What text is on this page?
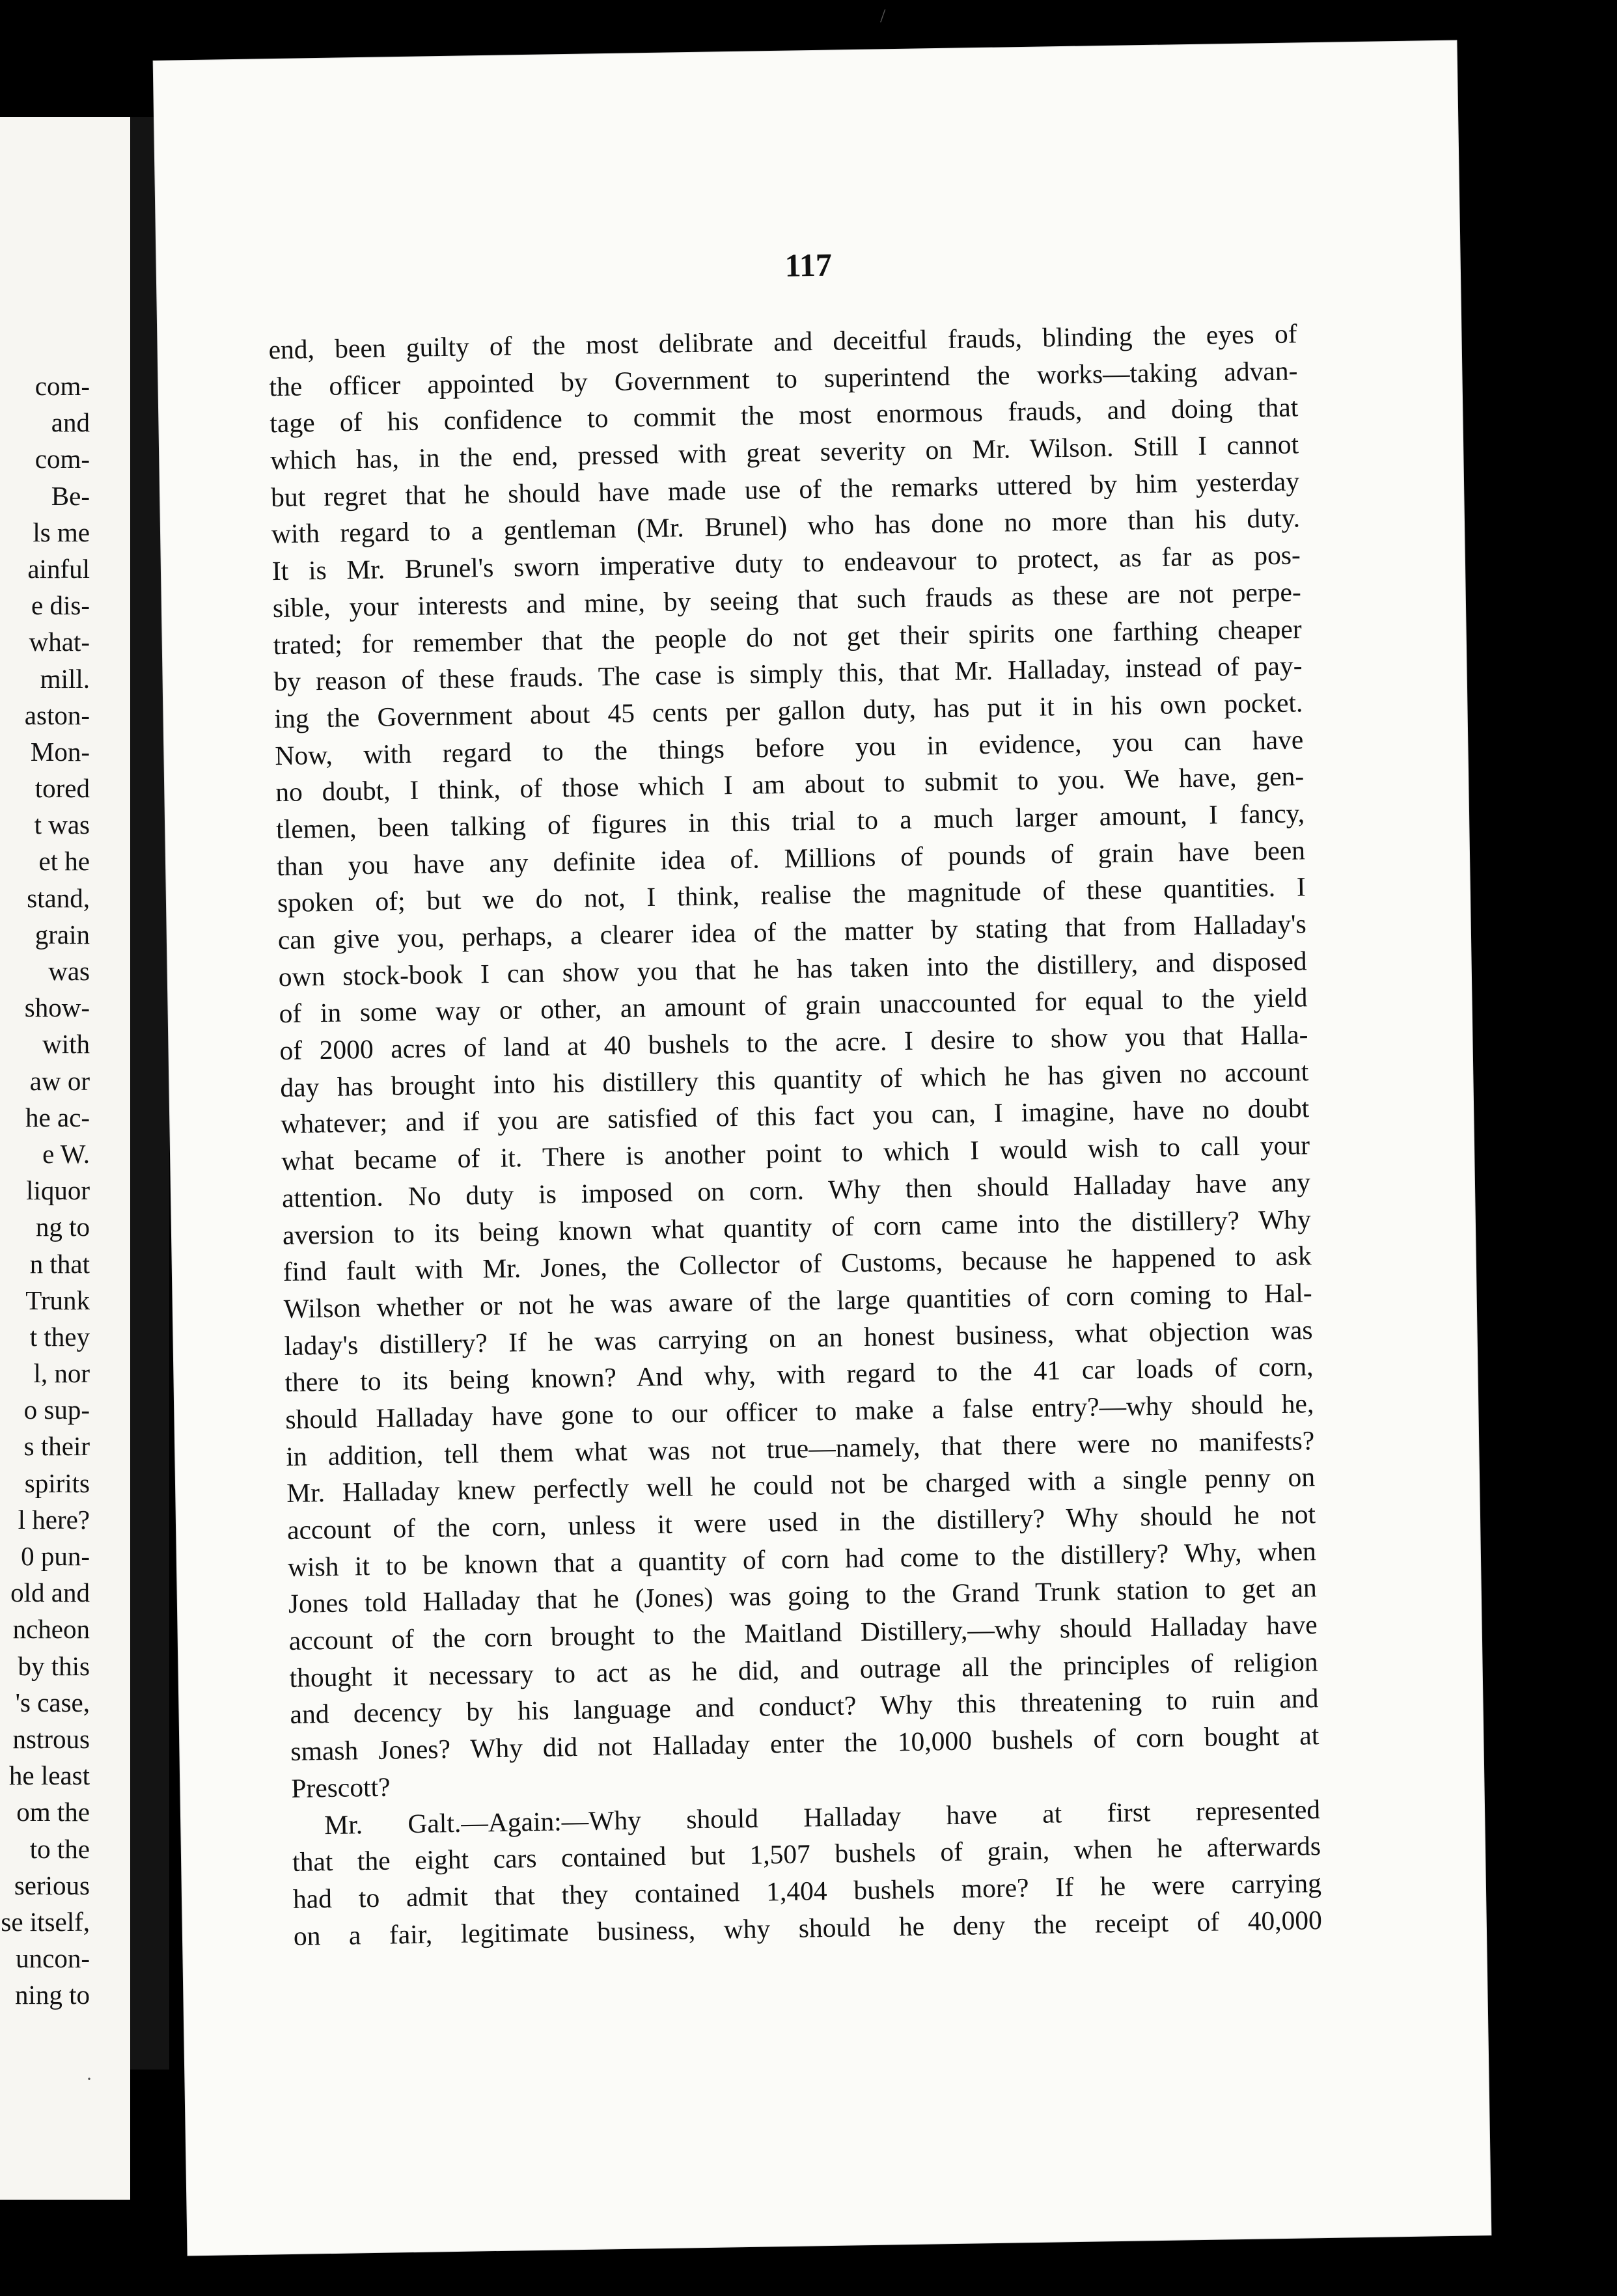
com-
and
com-
Be-
ls me
ainful
e dis-
what-
mill.
aston-
Mon-
tored
t was
et he
stand,
grain
was
show-
with
aw or
he ac-
e W.
liquor
ng to
n that
Trunk
t they
l, nor
o sup-
s their
spirits
l here?
0 pun-
old and
ncheon
by this
's case,
nstrous
he least
om the
to the
serious
se itself,
uncon-
ning to
117
end, been guilty of the most delibrate and deceitful frauds, blinding the eyes of
the officer appointed by Government to superintend the works—taking advan-
tage of his confidence to commit the most enormous frauds, and doing that
which has, in the end, pressed with great severity on Mr. Wilson. Still I cannot
but regret that he should have made use of the remarks uttered by him yesterday
with regard to a gentleman (Mr. Brunel) who has done no more than his duty.
It is Mr. Brunel's sworn imperative duty to endeavour to protect, as far as pos-
sible, your interests and mine, by seeing that such frauds as these are not perpe-
trated; for remember that the people do not get their spirits one farthing cheaper
by reason of these frauds. The case is simply this, that Mr. Halladay, instead of pay-
ing the Government about 45 cents per gallon duty, has put it in his own pocket.
Now, with regard to the things before you in evidence, you can have
no doubt, I think, of those which I am about to submit to you. We have, gen-
tlemen, been talking of figures in this trial to a much larger amount, I fancy,
than you have any definite idea of. Millions of pounds of grain have been
spoken of; but we do not, I think, realise the magnitude of these quantities. I
can give you, perhaps, a clearer idea of the matter by stating that from Halladay's
own stock-book I can show you that he has taken into the distillery, and disposed
of in some way or other, an amount of grain unaccounted for equal to the yield
of 2000 acres of land at 40 bushels to the acre. I desire to show you that Halla-
day has brought into his distillery this quantity of which he has given no account
whatever; and if you are satisfied of this fact you can, I imagine, have no doubt
what became of it. There is another point to which I would wish to call your
attention. No duty is imposed on corn. Why then should Halladay have any
aversion to its being known what quantity of corn came into the distillery? Why
find fault with Mr. Jones, the Collector of Customs, because he happened to ask
Wilson whether or not he was aware of the large quantities of corn coming to Hal-
laday's distillery? If he was carrying on an honest business, what objection was
there to its being known? And why, with regard to the 41 car loads of corn,
should Halladay have gone to our officer to make a false entry?—why should he,
in addition, tell them what was not true—namely, that there were no manifests?
Mr. Halladay knew perfectly well he could not be charged with a single penny on
account of the corn, unless it were used in the distillery? Why should he not
wish it to be known that a quantity of corn had come to the distillery? Why, when
Jones told Halladay that he (Jones) was going to the Grand Trunk station to get an
account of the corn brought to the Maitland Distillery,—why should Halladay have
thought it necessary to act as he did, and outrage all the principles of religion
and decency by his language and conduct? Why this threatening to ruin and
smash Jones? Why did not Halladay enter the 10,000 bushels of corn bought at
Prescott?
Mr. Galt.—Again:—Why should Halladay have at first represented
that the eight cars contained but 1,507 bushels of grain, when he afterwards
had to admit that they contained 1,404 bushels more? If he were carrying
on a fair, legitimate business, why should he deny the receipt of 40,000
/
·
